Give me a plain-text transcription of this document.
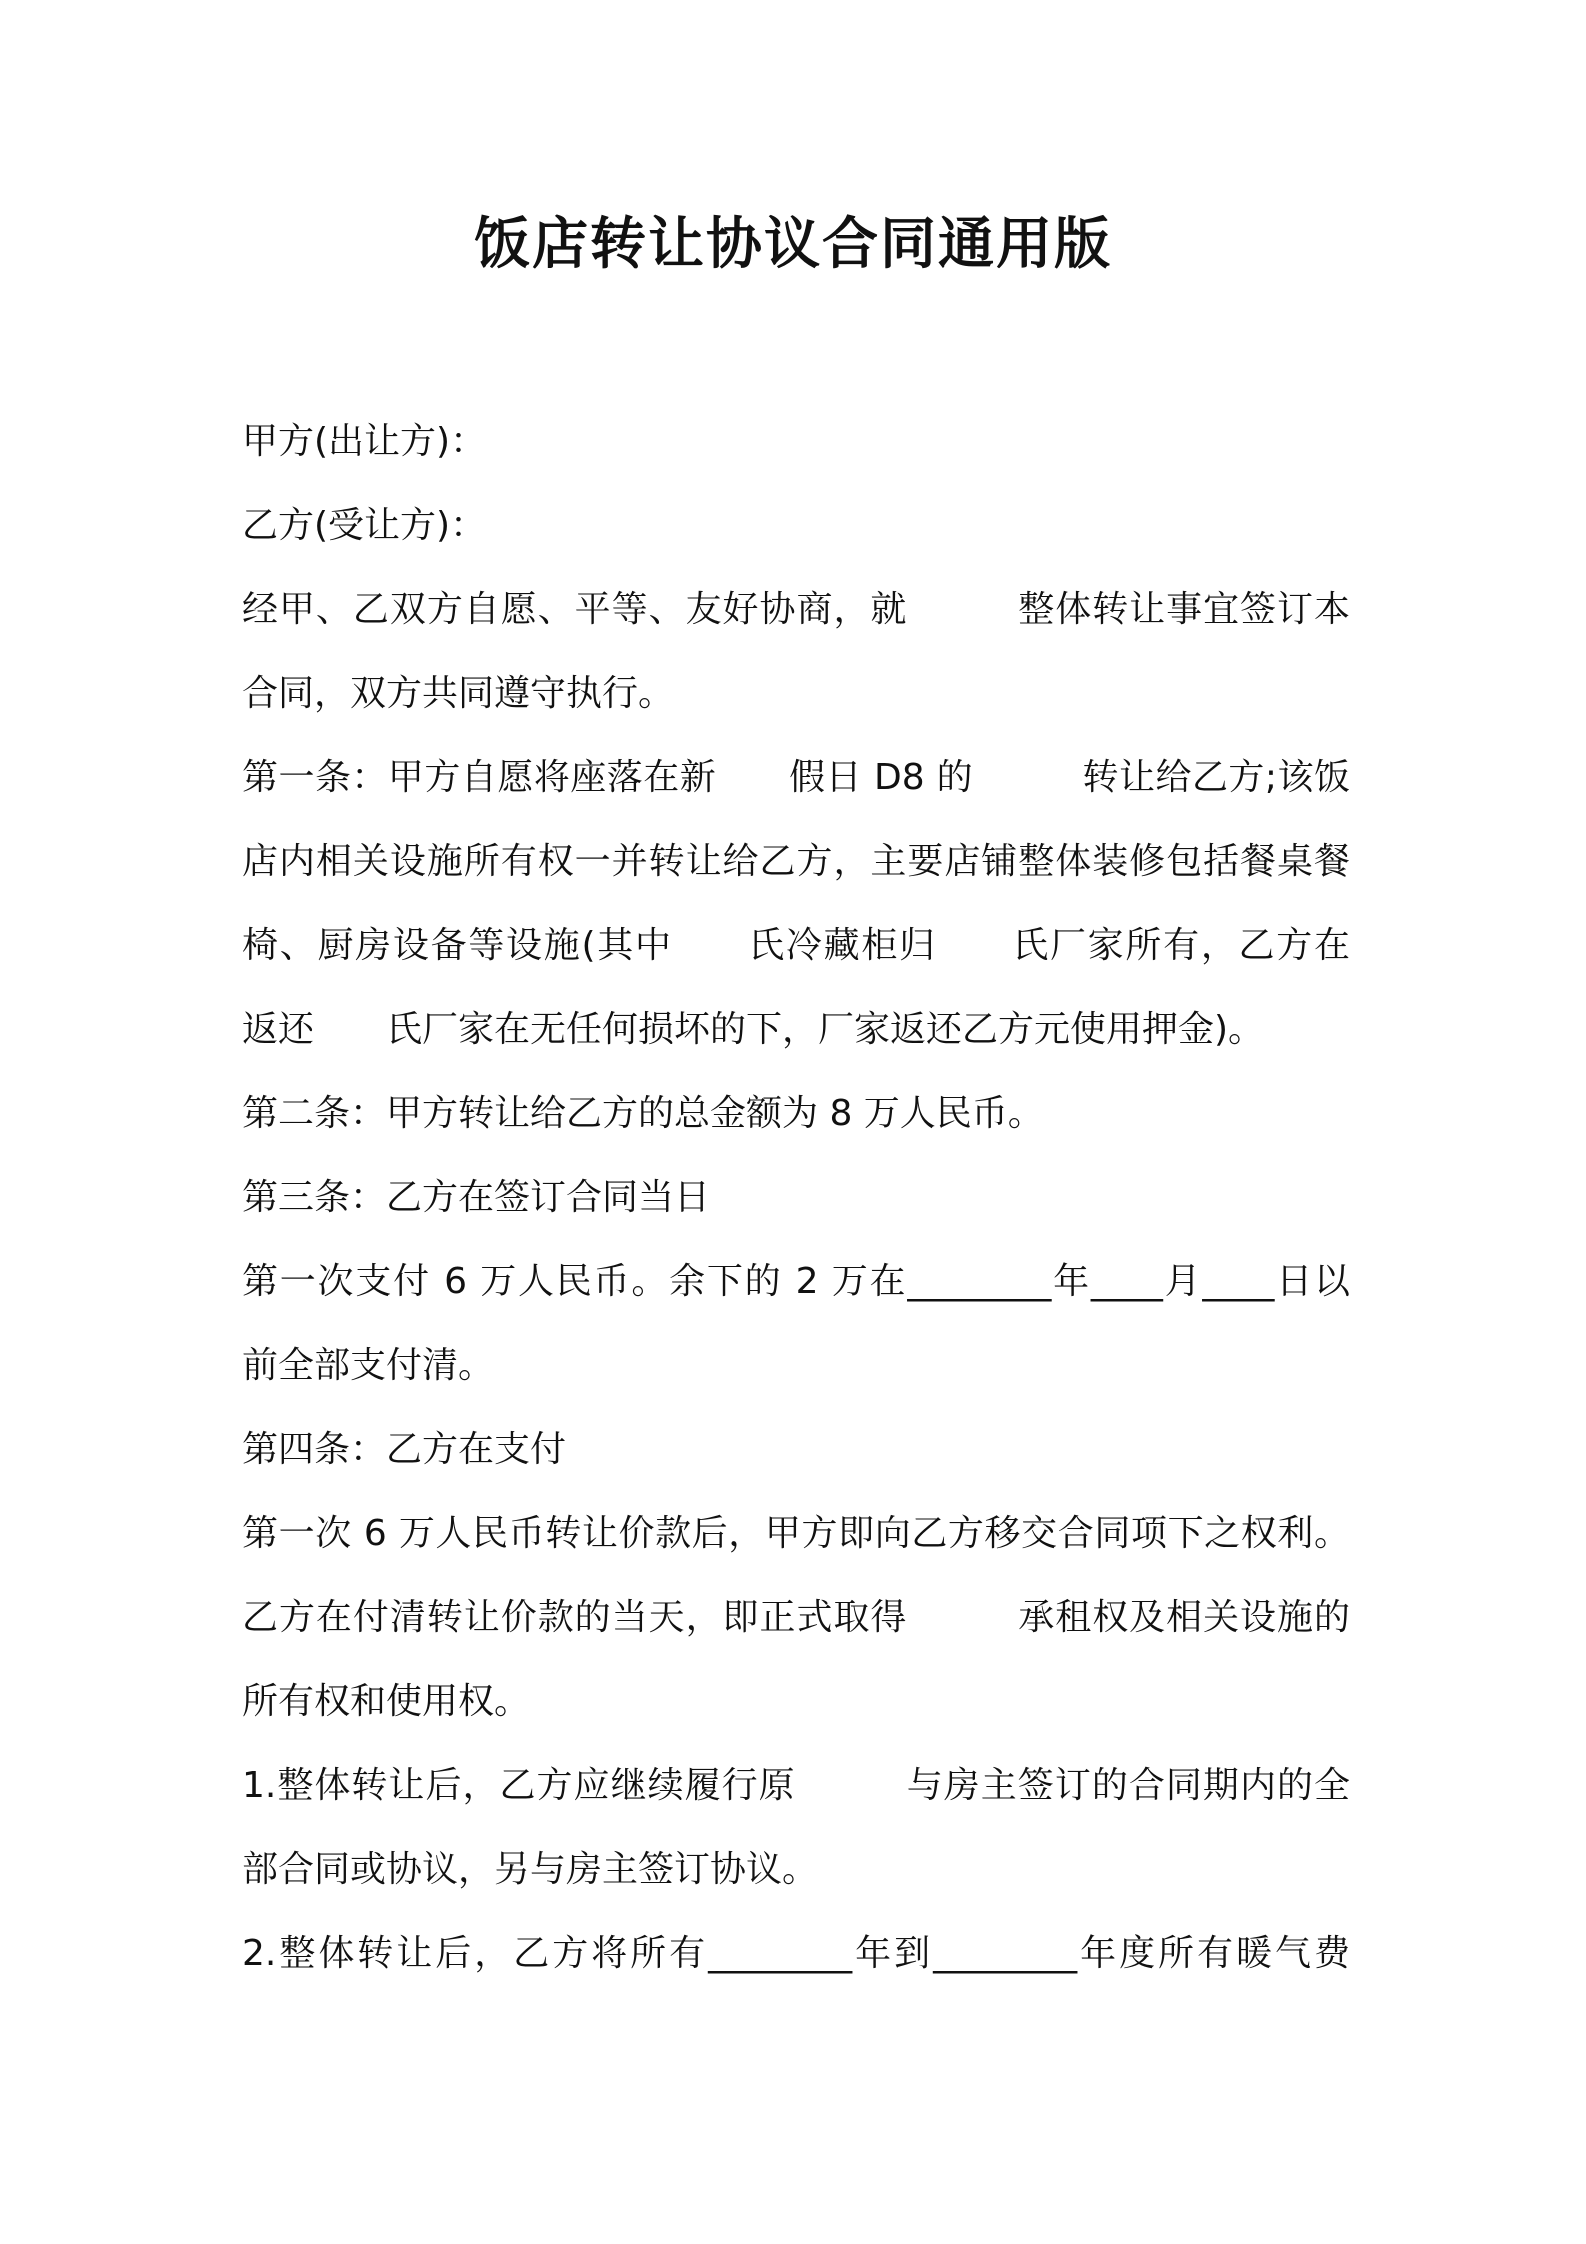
饭店转让协议合同通用版
甲方(出让方)：
乙方(受让方)：
经甲、乙双方自愿、平等、友好协商，就　　　整体转让事宜签订本
合同，双方共同遵守执行。
第一条：甲方自愿将座落在新　　假日 D8 的　　　转让给乙方;该饭
店内相关设施所有权一并转让给乙方，主要店铺整体装修包括餐桌餐
椅、厨房设备等设施(其中　　氏冷藏柜归　　氏厂家所有，乙方在
返还　　氏厂家在无任何损坏的下，厂家返还乙方元使用押金)。
第二条：甲方转让给乙方的总金额为 8 万人民币。
第三条：乙方在签订合同当日
第一次支付 6 万人民币。余下的 2 万在________年____月____日以
前全部支付清。
第四条：乙方在支付
第一次 6 万人民币转让价款后，甲方即向乙方移交合同项下之权利。
乙方在付清转让价款的当天，即正式取得　　　承租权及相关设施的
所有权和使用权。
1.整体转让后，乙方应继续履行原　　　与房主签订的合同期内的全
部合同或协议，另与房主签订协议。
2.整体转让后，乙方将所有________年到________年度所有暖气费
